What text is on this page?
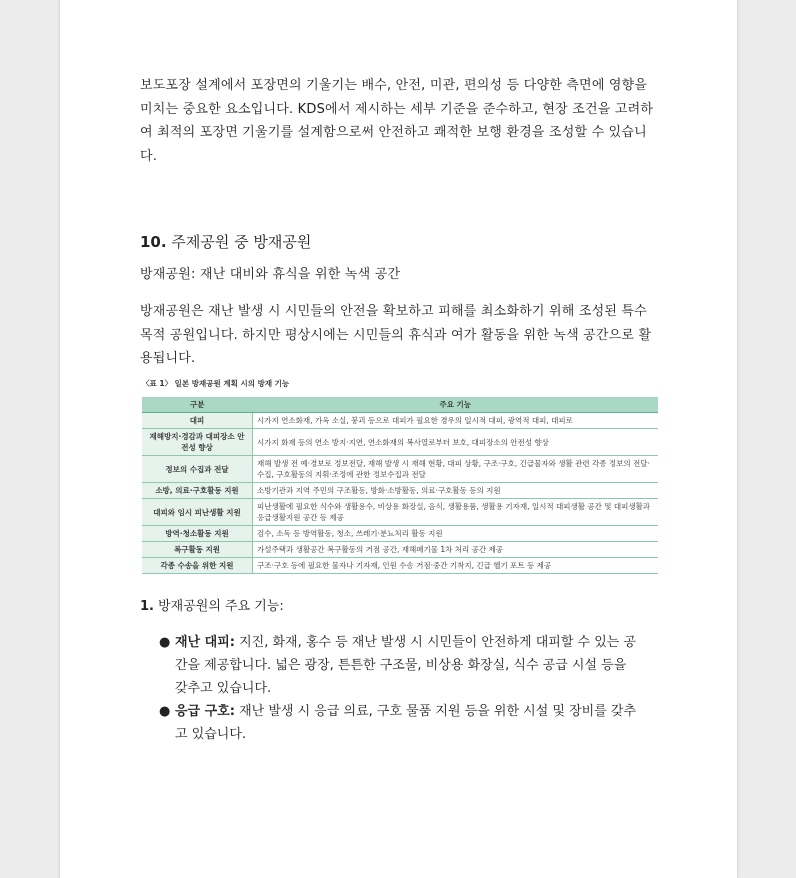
보도포장 설계에서 포장면의 기울기는 배수, 안전, 미관, 편의성 등 다양한 측면에 영향을 미치는 중요한 요소입니다. KDS에서 제시하는 세부 기준을 준수하고, 현장 조건을 고려하여 최적의 포장면 기울기를 설계함으로써 안전하고 쾌적한 보행 환경을 조성할 수 있습니다.

10. 주제공원 중 방재공원

방재공원: 재난 대비와 휴식을 위한 녹색 공간

방재공원은 재난 발생 시 시민들의 안전을 확보하고 피해를 최소화하기 위해 조성된 특수 목적 공원입니다. 하지만 평상시에는 시민들의 휴식과 여가 활동을 위한 녹색 공간으로 활용됩니다.

〈표 1〉 일본 방재공원 계획 시의 방재 기능
구분	주요 기능
대피	시가지 연소화재, 가옥 소실, 붕괴 등으로 대피가 필요한 경우의 일시적 대피, 광역적 대피, 대피로
재해방지·경감과 대피장소 안전성 향상	시가지 화재 등의 연소 방지·지연, 연소화재의 복사열로부터 보호, 대피장소의 안전성 향상
정보의 수집과 전달	재해 발생 전 예·경보로 정보전달, 재해 발생 시 재해 현황, 대피 상황, 구조·구호, 긴급물자와 생활 관련 각종 정보의 전달·수집, 구호활동의 지휘·조정에 관한 정보수집과 전달
소방, 의료·구호활동 지원	소방기관과 지역 주민의 구조활동, 방화·소방활동, 의료·구호활동 등의 지원
대피와 임시 피난생활 지원	피난생활에 필요한 식수와 생활용수, 비상용 화장실, 음식, 생활용품, 생활용 기자재, 일시적 대피생활 공간 및 대피생활과 응급생활지원 공간 등 제공
방역·청소활동 지원	검수, 소독 등 방역활동, 청소, 쓰레기·분뇨처리 활동 지원
복구활동 지원	가설주택과 생활공간 복구활동의 거점 공간, 재해폐기물 1차 처리 공간 제공
각종 수송을 위한 지원	구조·구호 등에 필요한 물자나 기자재, 인원 수송 거점·중간 기착지, 긴급 헬기 포트 등 제공
1. 방재공원의 주요 기능:
● 재난 대피: 지진, 화재, 홍수 등 재난 발생 시 시민들이 안전하게 대피할 수 있는 공간을 제공합니다. 넓은 광장, 튼튼한 구조물, 비상용 화장실, 식수 공급 시설 등을 갖추고 있습니다.
● 응급 구호: 재난 발생 시 응급 의료, 구호 물품 지원 등을 위한 시설 및 장비를 갖추고 있습니다.
